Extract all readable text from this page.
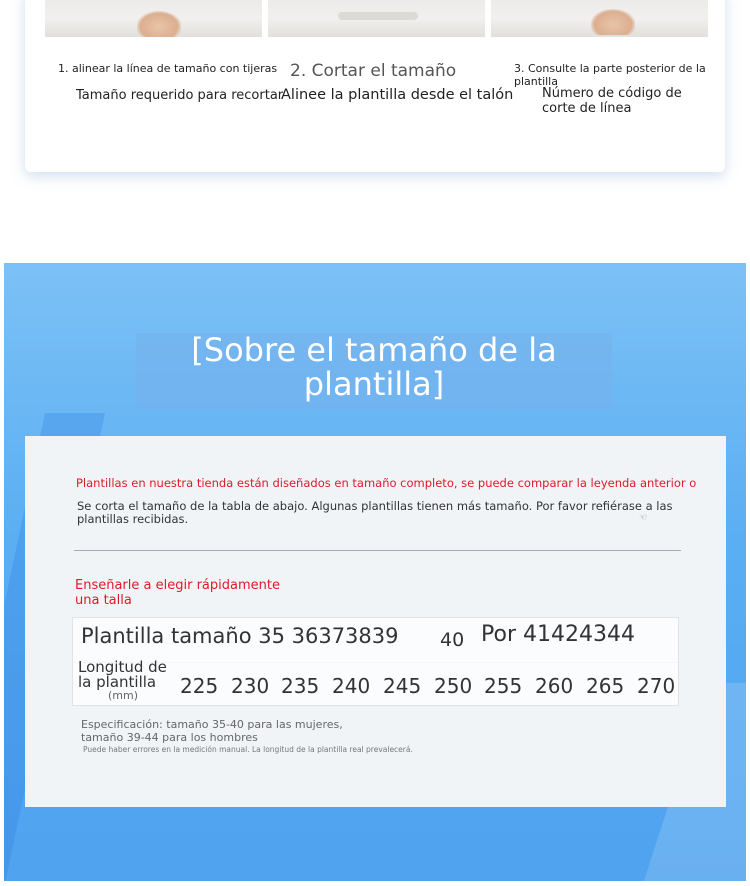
1. alinear la línea de tamaño con tijeras
Tamaño requerido para recortar
2. Cortar el tamaño
Alinee la plantilla desde el talón
3. Consulte la parte posterior de la plantilla
Número de código de corte de línea
[Sobre el tamaño de la plantilla]
Plantillas en nuestra tienda están diseñados en tamaño completo, se puede comparar la leyenda anterior o
Se corta el tamaño de la tabla de abajo. Algunas plantillas tienen más tamaño. Por favor refiérase a las plantillas recibidas.	☜
Enseñarle a elegir rápidamente una talla
Plantilla tamaño 35 36373839 40 Por 41424344
Longitud de la plantilla
(mm) 225 230 235 240 245 250 255 260 265 270
Especificación: tamaño 35-40 para las mujeres, tamaño 39-44 para los hombres
Puede haber errores en la medición manual. La longitud de la plantilla real prevalecerá.
